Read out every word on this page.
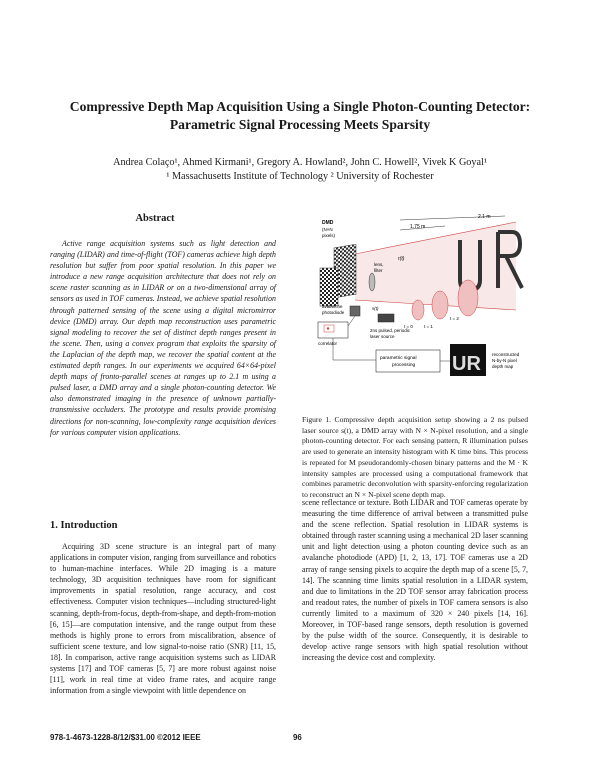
Compressive Depth Map Acquisition Using a Single Photon-Counting Detector:
Parametric Signal Processing Meets Sparsity

Andrea Colaço¹, Ahmed Kirmani¹, Gregory A. Howland², John C. Howell², Vivek K Goyal¹

¹ Massachusetts Institute of Technology ² University of Rochester

Abstract

Active range acquisition systems such as light detection and ranging (LIDAR) and time-of-flight (TOF) cameras achieve high depth resolution but suffer from poor spatial resolution. In this paper we introduce a new range acquisition architecture that does not rely on scene raster scanning as in LIDAR or on a two-dimensional array of sensors as used in TOF cameras. Instead, we achieve spatial resolution through patterned sensing of the scene using a digital micromirror device (DMD) array. Our depth map reconstruction uses parametric signal modeling to recover the set of distinct depth ranges present in the scene. Then, using a convex program that exploits the sparsity of the Laplacian of the depth map, we recover the spatial content at the estimated depth ranges. In our experiments we acquired 64×64-pixel depth maps of fronto-parallel scenes at ranges up to 2.1 m using a pulsed laser, a DMD array and a single photon-counting detector. We also demonstrated imaging in the presence of unknown partially-transmissive occluders. The prototype and results provide promising directions for non-scanning, low-complexity range acquisition devices for various computer vision applications.

1. Introduction

Acquiring 3D scene structure is an integral part of many applications in computer vision, ranging from surveillance and robotics to human-machine interfaces. While 2D imaging is a mature technology, 3D acquisition techniques have room for significant improvements in spatial resolution, range accuracy, and cost effectiveness. Computer vision techniques—including structured-light scanning, depth-from-focus, depth-from-shape, and depth-from-motion [6, 15]—are computation intensive, and the range output from these methods is highly prone to errors from miscalibration, absence of sufficient scene texture, and low signal-to-noise ratio (SNR) [11, 15, 18]. In comparison, active range acquisition systems such as LIDAR systems [17] and TOF cameras [5, 7] are more robust against noise [11], work in real time at video frame rates, and acquire range information from a single viewpoint with little dependence on

1.75 m
2.1 m
DMD
(N×N
pixels)
lens,
filter
r(t)
t = 0 t = 1
t = 2
avalanche
photodiode
s(t)
2ns pulsed, periodic
laser source
correlator
parametric signal
processing UR reconstructed
N-by-N pixel
depth map

Figure 1. Compressive depth acquisition setup showing a 2 ns pulsed laser source s(t), a DMD array with N × N-pixel resolution, and a single photon-counting detector. For each sensing pattern, R illumination pulses are used to generate an intensity histogram with K time bins. This process is repeated for M pseudorandomly-chosen binary patterns and the M · K intensity samples are processed using a computational framework that combines parametric deconvolution with sparsity-enforcing regularization to reconstruct an N × N-pixel scene depth map.

scene reflectance or texture. Both LIDAR and TOF cameras operate by measuring the time difference of arrival between a transmitted pulse and the scene reflection. Spatial resolution in LIDAR systems is obtained through raster scanning using a mechanical 2D laser scanning unit and light detection using a photon counting device such as an avalanche photodiode (APD) [1, 2, 13, 17]. TOF cameras use a 2D array of range sensing pixels to acquire the depth map of a scene [5, 7, 14]. The scanning time limits spatial resolution in a LIDAR system, and due to limitations in the 2D TOF sensor array fabrication process and readout rates, the number of pixels in TOF camera sensors is also currently limited to a maximum of 320 × 240 pixels [14, 16]. Moreover, in TOF-based range sensors, depth resolution is governed by the pulse width of the source. Consequently, it is desirable to develop active range sensors with high spatial resolution without increasing the device cost and complexity.

978-1-4673-1228-8/12/$31.00 ©2012 IEEE	96
